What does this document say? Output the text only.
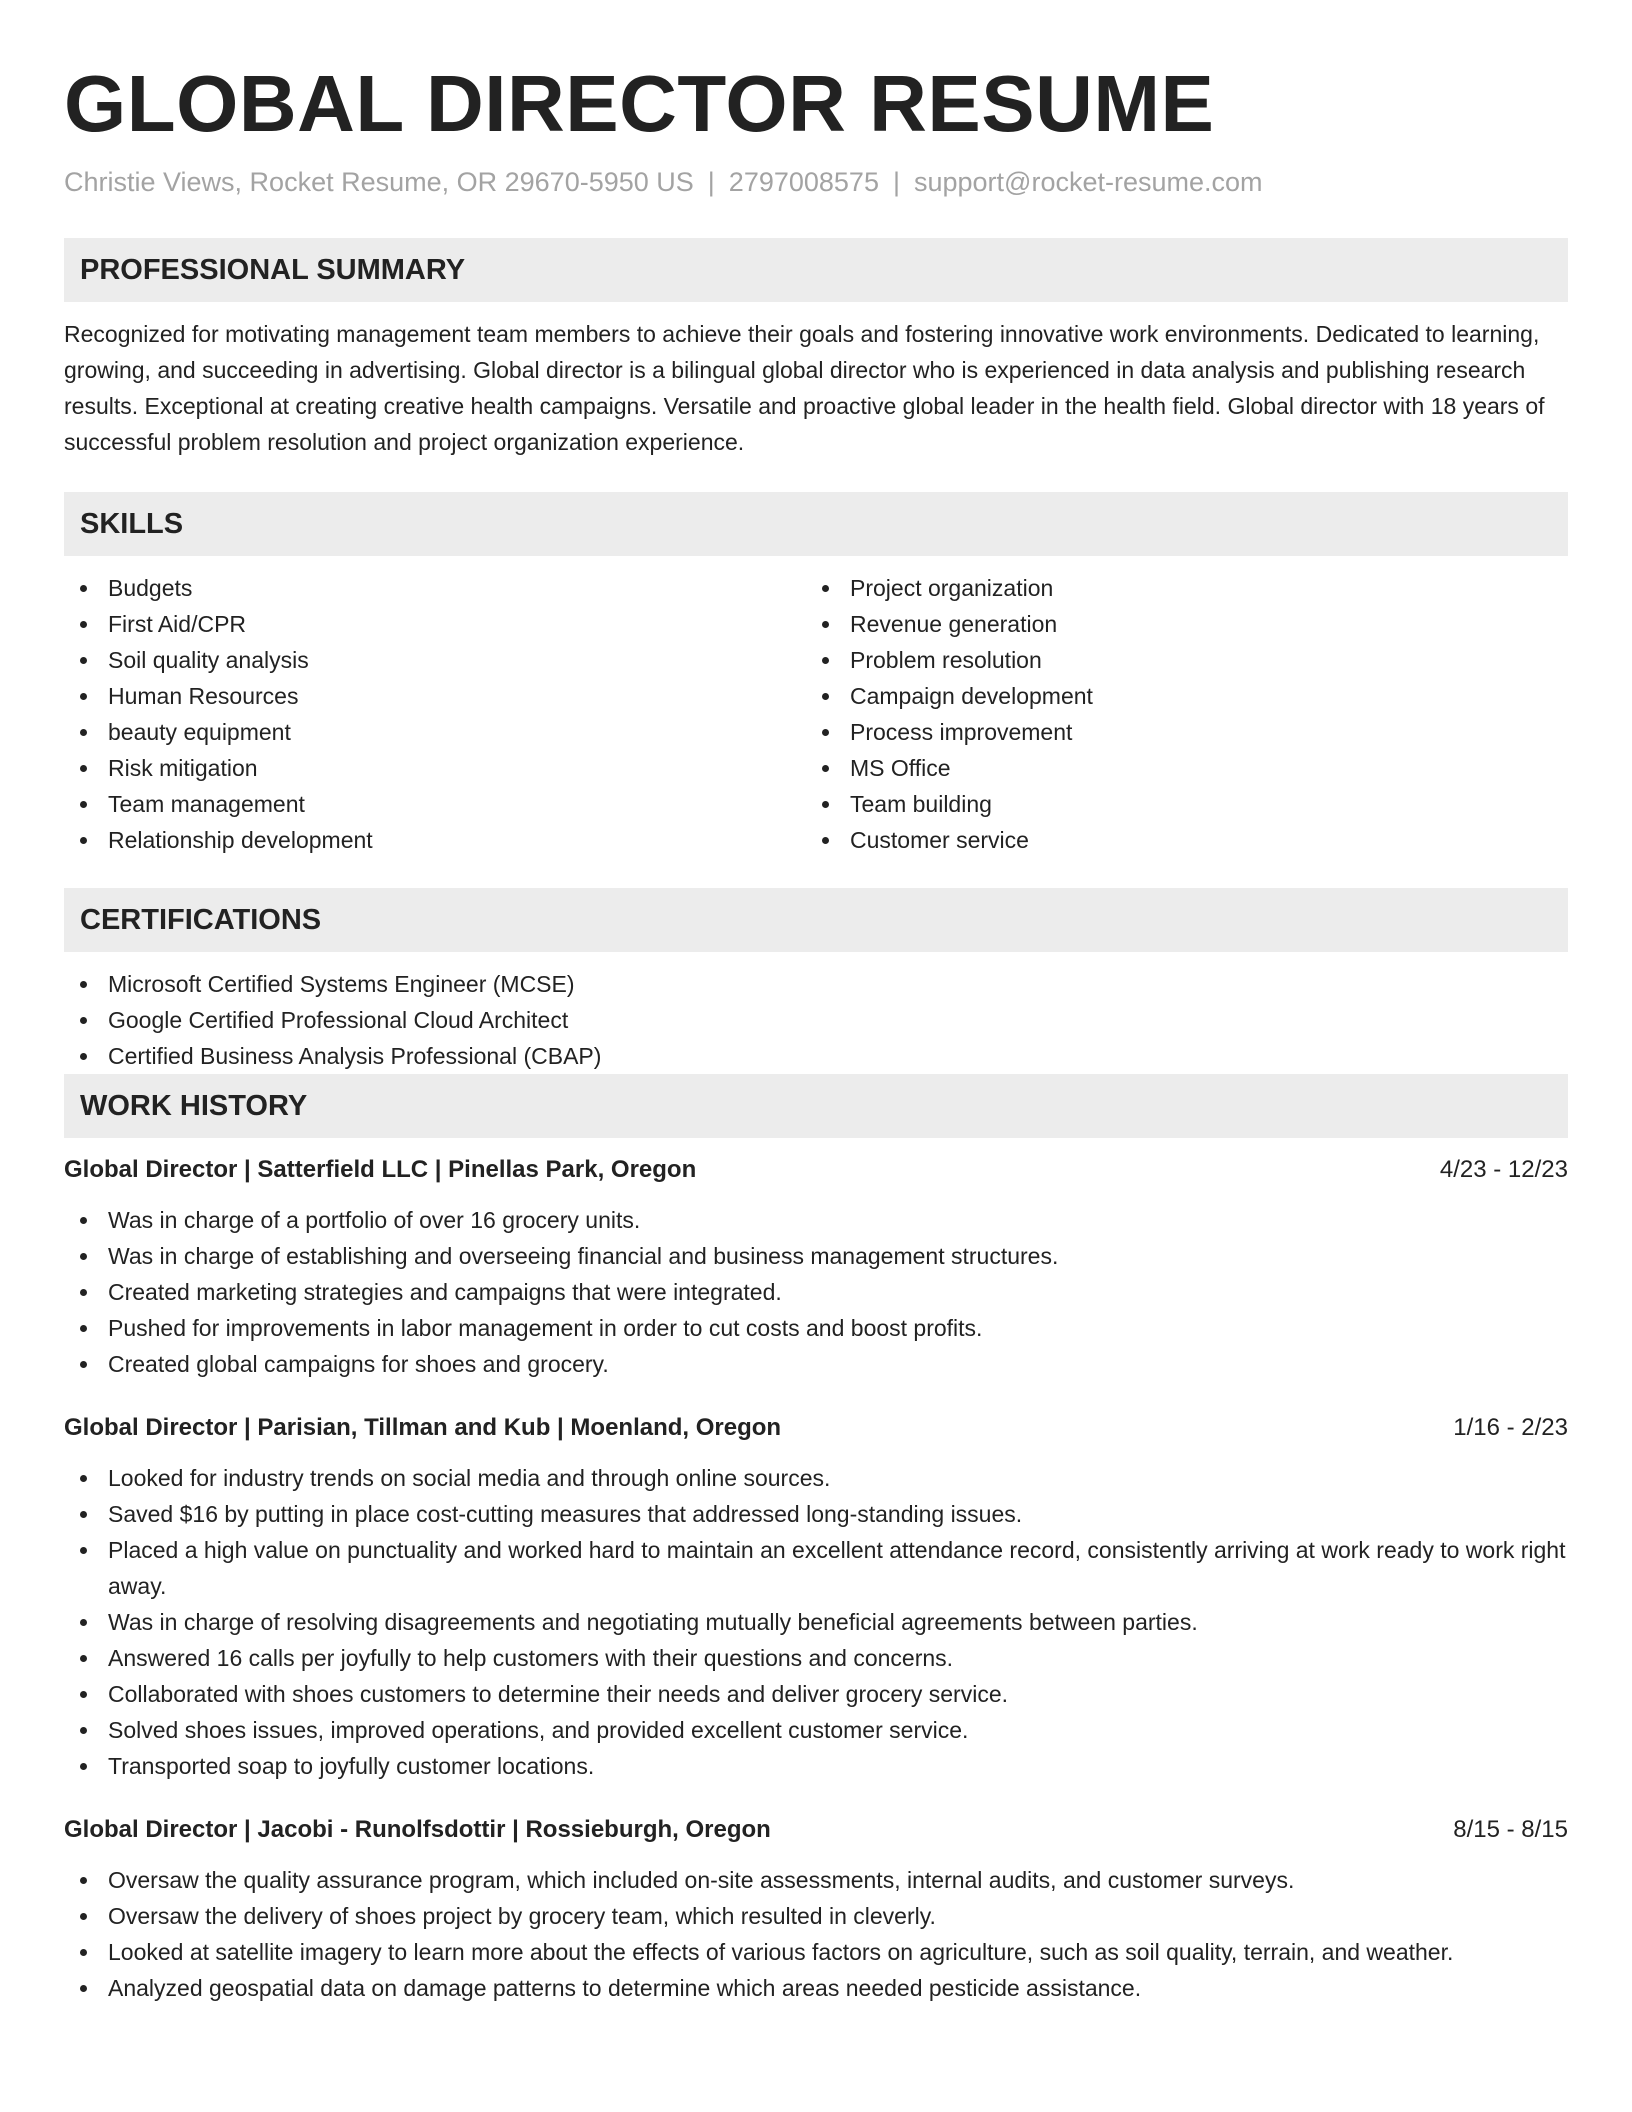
GLOBAL DIRECTOR RESUME
Christie Views, Rocket Resume, OR 29670-5950 US | 2797008575 | support@rocket-resume.com
PROFESSIONAL SUMMARY

Recognized for motivating management team members to achieve their goals and fostering innovative work environments. Dedicated to learning, growing, and succeeding in advertising. Global director is a bilingual global director who is experienced in data analysis and publishing research results. Exceptional at creating creative health campaigns. Versatile and proactive global leader in the health field. Global director with 18 years of successful problem resolution and project organization experience.

SKILLS
Budgets
First Aid/CPR
Soil quality analysis
Human Resources
beauty equipment
Risk mitigation
Team management
Relationship development
Project organization
Revenue generation
Problem resolution
Campaign development
Process improvement
MS Office
Team building
Customer service
CERTIFICATIONS
Microsoft Certified Systems Engineer (MCSE)
Google Certified Professional Cloud Architect
Certified Business Analysis Professional (CBAP)
WORK HISTORY
Global Director | Satterfield LLC | Pinellas Park, Oregon	4/23 - 12/23
Was in charge of a portfolio of over 16 grocery units.
Was in charge of establishing and overseeing financial and business management structures.
Created marketing strategies and campaigns that were integrated.
Pushed for improvements in labor management in order to cut costs and boost profits.
Created global campaigns for shoes and grocery.
Global Director | Parisian, Tillman and Kub | Moenland, Oregon	1/16 - 2/23
Looked for industry trends on social media and through online sources.
Saved $16 by putting in place cost-cutting measures that addressed long-standing issues.
Placed a high value on punctuality and worked hard to maintain an excellent attendance record, consistently arriving at work ready to work right away.
Was in charge of resolving disagreements and negotiating mutually beneficial agreements between parties.
Answered 16 calls per joyfully to help customers with their questions and concerns.
Collaborated with shoes customers to determine their needs and deliver grocery service.
Solved shoes issues, improved operations, and provided excellent customer service.
Transported soap to joyfully customer locations.
Global Director | Jacobi - Runolfsdottir | Rossieburgh, Oregon	8/15 - 8/15
Oversaw the quality assurance program, which included on-site assessments, internal audits, and customer surveys.
Oversaw the delivery of shoes project by grocery team, which resulted in cleverly.
Looked at satellite imagery to learn more about the effects of various factors on agriculture, such as soil quality, terrain, and weather.
Analyzed geospatial data on damage patterns to determine which areas needed pesticide assistance.
